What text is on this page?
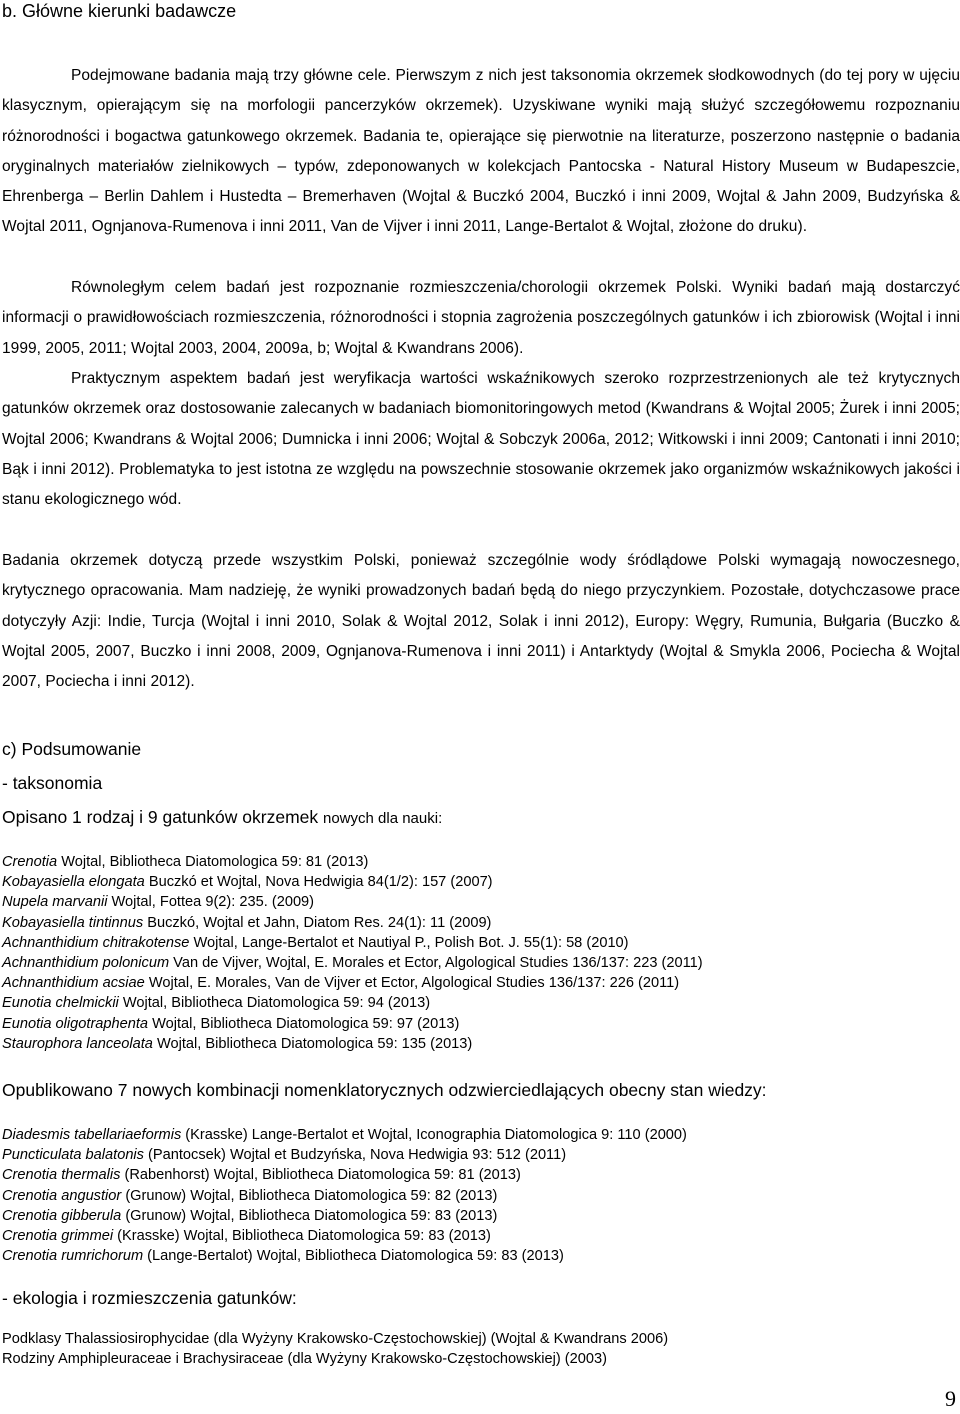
b. Główne kierunki badawcze

Podejmowane badania mają trzy główne cele. Pierwszym z nich jest taksonomia okrzemek słodkowodnych (do tej pory w ujęciu klasycznym, opierającym się na morfologii pancerzyków okrzemek). Uzyskiwane wyniki mają służyć szczegółowemu rozpoznaniu różnorodności i bogactwa gatunkowego okrzemek. Badania te, opierające się pierwotnie na literaturze, poszerzono następnie o badania oryginalnych materiałów zielnikowych – typów, zdeponowanych w kolekcjach Pantocska - Natural History Museum w Budapeszcie, Ehrenberga – Berlin Dahlem i Hustedta – Bremerhaven (Wojtal & Buczkó 2004, Buczkó i inni 2009, Wojtal & Jahn 2009, Budzyńska & Wojtal 2011, Ognjanova-Rumenova i inni 2011, Van de Vijver i inni 2011, Lange-Bertalot & Wojtal, złożone do druku).

Równoległym celem badań jest rozpoznanie rozmieszczenia/chorologii okrzemek Polski. Wyniki badań mają dostarczyć informacji o prawidłowościach rozmieszczenia, różnorodności i stopnia zagrożenia poszczególnych gatunków i ich zbiorowisk (Wojtal i inni 1999, 2005, 2011; Wojtal 2003, 2004, 2009a, b; Wojtal & Kwandrans 2006).

Praktycznym aspektem badań jest weryfikacja wartości wskaźnikowych szeroko rozprzestrzenionych ale też krytycznych gatunków okrzemek oraz dostosowanie zalecanych w badaniach biomonitoringowych metod (Kwandrans & Wojtal 2005; Żurek i inni 2005; Wojtal 2006; Kwandrans & Wojtal 2006; Dumnicka i inni 2006; Wojtal & Sobczyk 2006a, 2012; Witkowski i inni 2009; Cantonati i inni 2010; Bąk i inni 2012). Problematyka to jest istotna ze względu na powszechnie stosowanie okrzemek jako organizmów wskaźnikowych jakości i stanu ekologicznego wód.

Badania okrzemek dotyczą przede wszystkim Polski, ponieważ szczególnie wody śródlądowe Polski wymagają nowoczesnego, krytycznego opracowania. Mam nadzieję, że wyniki prowadzonych badań będą do niego przyczynkiem. Pozostałe, dotychczasowe prace dotyczyły Azji: Indie, Turcja (Wojtal i inni 2010, Solak & Wojtal 2012, Solak i inni 2012), Europy: Węgry, Rumunia, Bułgaria (Buczko & Wojtal 2005, 2007, Buczko i inni 2008, 2009, Ognjanova-Rumenova i inni 2011) i Antarktydy (Wojtal & Smykla 2006, Pociecha & Wojtal 2007, Pociecha i inni 2012).

c) Podsumowanie
- taksonomia
Opisano 1 rodzaj i 9 gatunków okrzemek nowych dla nauki:
Crenotia Wojtal, Bibliotheca Diatomologica 59: 81 (2013)
Kobayasiella elongata Buczkó et Wojtal, Nova Hedwigia 84(1/2): 157 (2007)
Nupela marvanii Wojtal, Fottea 9(2): 235. (2009)
Kobayasiella tintinnus Buczkó, Wojtal et Jahn, Diatom Res. 24(1): 11 (2009)
Achnanthidium chitrakotense Wojtal, Lange-Bertalot et Nautiyal P., Polish Bot. J. 55(1): 58 (2010)
Achnanthidium polonicum Van de Vijver, Wojtal, E. Morales et Ector, Algological Studies 136/137: 223 (2011)
Achnanthidium acsiae Wojtal, E. Morales, Van de Vijver et Ector, Algological Studies 136/137: 226 (2011)
Eunotia chelmickii Wojtal, Bibliotheca Diatomologica 59: 94 (2013)
Eunotia oligotraphenta Wojtal, Bibliotheca Diatomologica 59: 97 (2013)
Staurophora lanceolata Wojtal, Bibliotheca Diatomologica 59: 135 (2013)
Opublikowano 7 nowych kombinacji nomenklatorycznych odzwierciedlających obecny stan wiedzy:
Diadesmis tabellariaeformis (Krasske) Lange-Bertalot et Wojtal, Iconographia Diatomologica 9: 110 (2000)
Puncticulata balatonis (Pantocsek) Wojtal et Budzyńska, Nova Hedwigia 93: 512 (2011)
Crenotia thermalis (Rabenhorst) Wojtal, Bibliotheca Diatomologica 59: 81 (2013)
Crenotia angustior (Grunow) Wojtal, Bibliotheca Diatomologica 59: 82 (2013)
Crenotia gibberula (Grunow) Wojtal, Bibliotheca Diatomologica 59: 83 (2013)
Crenotia grimmei (Krasske) Wojtal, Bibliotheca Diatomologica 59: 83 (2013)
Crenotia rumrichorum (Lange-Bertalot) Wojtal, Bibliotheca Diatomologica 59: 83 (2013)
- ekologia i rozmieszczenia gatunków:
Podklasy Thalassiosirophycidae (dla Wyżyny Krakowsko-Częstochowskiej) (Wojtal & Kwandrans 2006)
Rodziny Amphipleuraceae i Brachysiraceae (dla Wyżyny Krakowsko-Częstochowskiej) (2003)
9
